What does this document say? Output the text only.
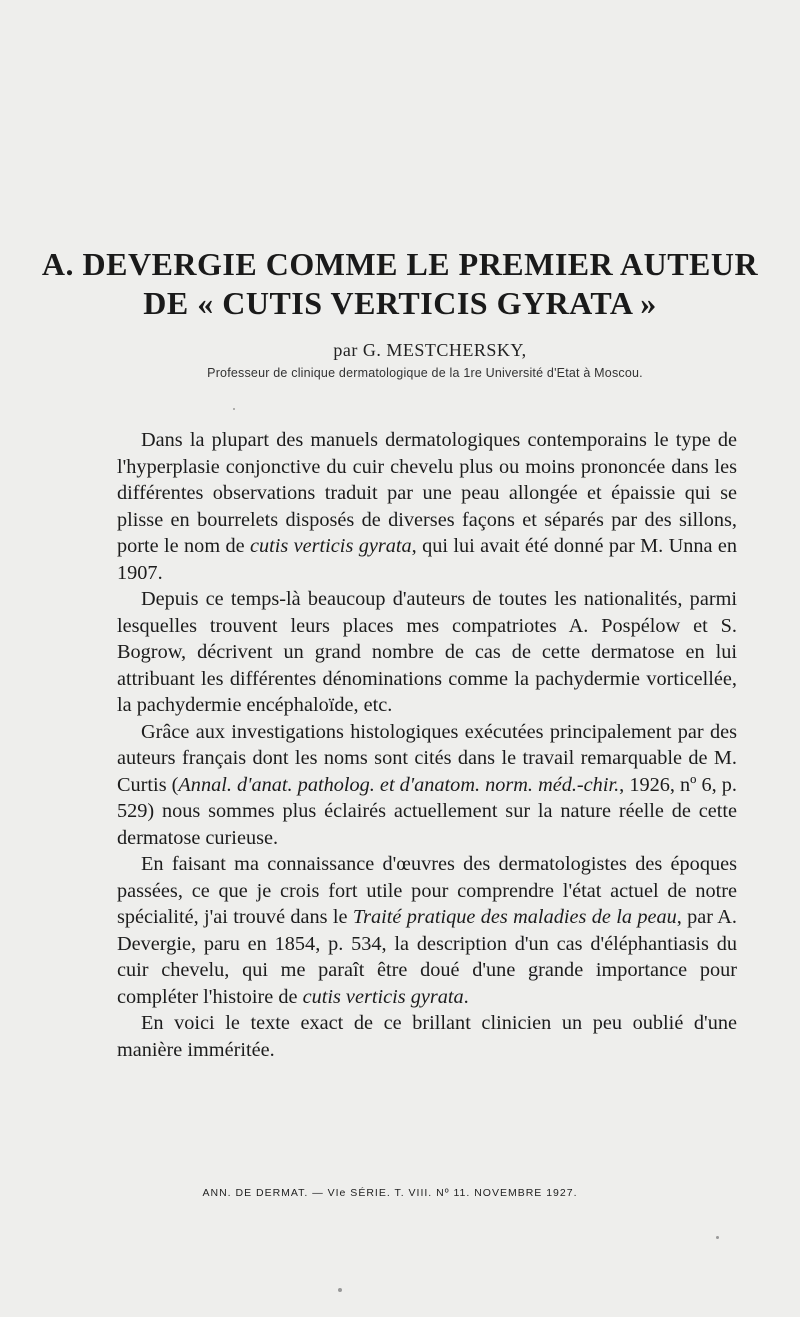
A. DEVERGIE COMME LE PREMIER AUTEUR
DE « CUTIS VERTICIS GYRATA »
par G. MESTCHERSKY,
Professeur de clinique dermatologique de la 1re Université d'Etat à Moscou.

Dans la plupart des manuels dermatologiques contemporains le type de l'hyperplasie conjonctive du cuir chevelu plus ou moins prononcée dans les différentes observations traduit par une peau allongée et épaissie qui se plisse en bourrelets disposés de diverses façons et séparés par des sillons, porte le nom de cutis verticis gyrata, qui lui avait été donné par M. Unna en 1907.

Depuis ce temps-là beaucoup d'auteurs de toutes les nationalités, parmi lesquelles trouvent leurs places mes compatriotes A. Pospélow et S. Bogrow, décrivent un grand nombre de cas de cette dermatose en lui attribuant les différentes dénominations comme la pachydermie vorticellée, la pachydermie encéphaloïde, etc.

Grâce aux investigations histologiques exécutées principalement par des auteurs français dont les noms sont cités dans le travail remarquable de M. Curtis (Annal. d'anat. patholog. et d'anatom. norm. méd.-chir., 1926, nº 6, p. 529) nous sommes plus éclairés actuellement sur la nature réelle de cette dermatose curieuse.

En faisant ma connaissance d'œuvres des dermatologistes des époques passées, ce que je crois fort utile pour comprendre l'état actuel de notre spécialité, j'ai trouvé dans le Traité pratique des maladies de la peau, par A. Devergie, paru en 1854, p. 534, la description d'un cas d'éléphantiasis du cuir chevelu, qui me paraît être doué d'une grande importance pour compléter l'histoire de cutis verticis gyrata.

En voici le texte exact de ce brillant clinicien un peu oublié d'une manière imméritée.

ANN. DE DERMAT. — VIe SÉRIE. T. VIII. Nº 11. NOVEMBRE 1927.
